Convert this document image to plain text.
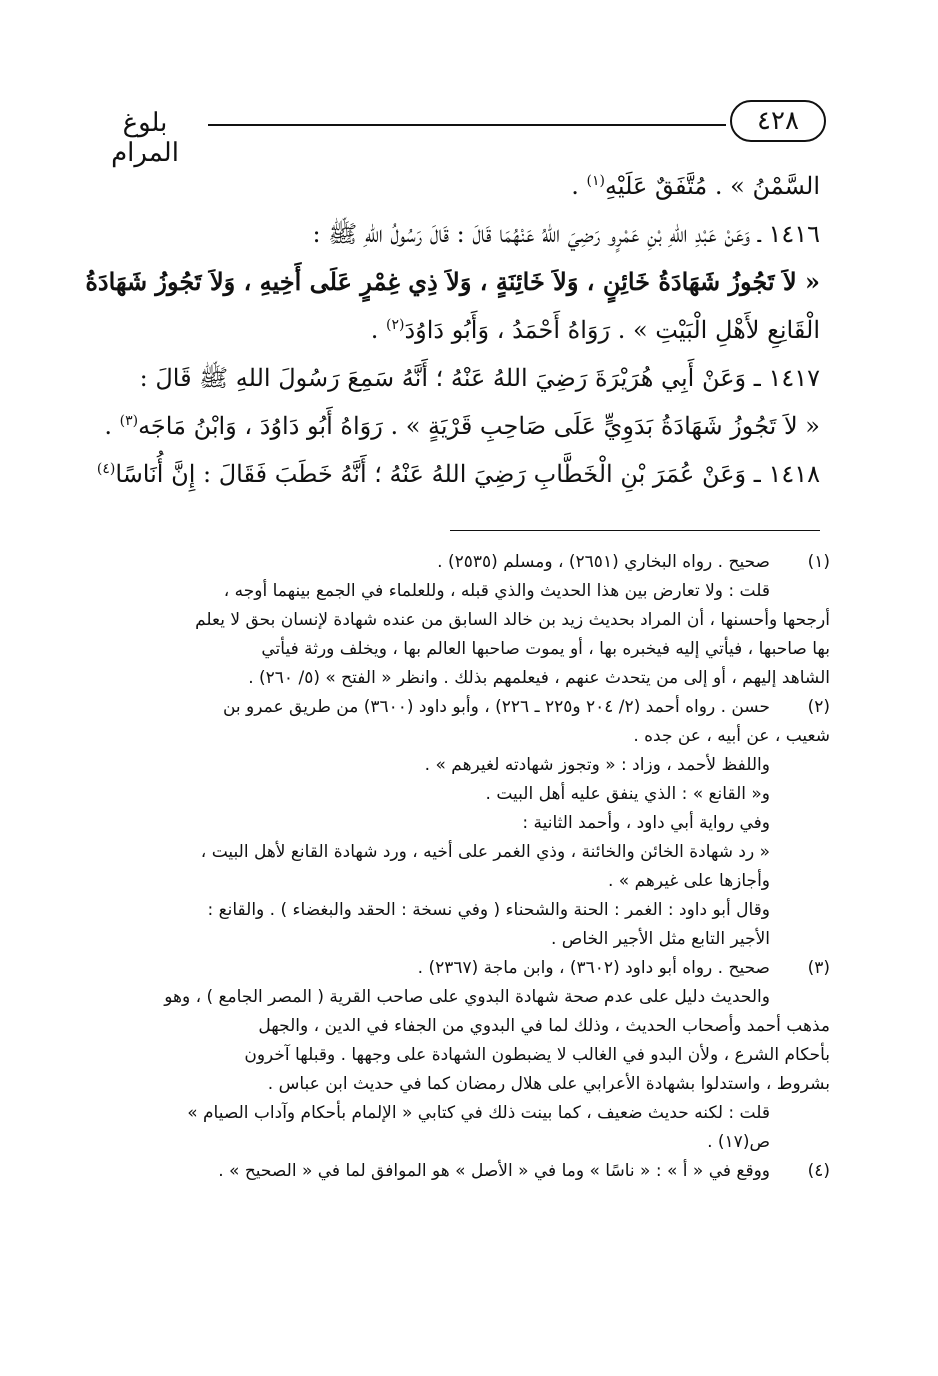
بلوغ المرام
٤٢٨
السَّمْنُ » . مُتَّفَقٌ عَلَيْهِ$^{(١)}$ .
١٤١٦ ـ وَعَنْ عَبْدِ اللهِ بْنِ عَمْرٍو رَضِيَ اللهُ عَنْهُمَا قَالَ : قَالَ رَسُولُ اللهِ ﷺ :
« لاَ تَجُوزُ شَهَادَةُ خَائِنٍ ، وَلاَ خَائِنَةٍ ، وَلاَ ذِي غِمْرٍ عَلَى أَخِيهِ ، وَلاَ تَجُوزُ شَهَادَةُ
الْقَانِعِ لأَهْلِ الْبَيْتِ » . رَوَاهُ أَحْمَدُ ، وَأَبُو دَاوُدَ$^{(٢)}$ .
١٤١٧ ـ وَعَنْ أَبِي هُرَيْرَةَ رَضِيَ اللهُ عَنْهُ ؛ أَنَّهُ سَمِعَ رَسُولَ اللهِ ﷺ قَالَ :
« لاَ تَجُوزُ شَهَادَةُ بَدَوِيٍّ عَلَى صَاحِبِ قَرْيَةٍ » . رَوَاهُ أَبُو دَاوُدَ ، وَابْنُ مَاجَه$^{(٣)}$ .
١٤١٨ ـ وَعَنْ عُمَرَ بْنِ الْخَطَّابِ رَضِيَ اللهُ عَنْهُ ؛ أَنَّهُ خَطَبَ فَقَالَ : إِنَّ أُنَاسًا$^{(٤)}$
(١)
صحيح . رواه البخاري (٢٦٥١) ، ومسلم (٢٥٣٥) .
قلت : ولا تعارض بين هذا الحديث والذي قبله ، وللعلماء في الجمع بينهما أوجه ،
أرجحها وأحسنها ، أن المراد بحديث زيد بن خالد السابق من عنده شهادة لإنسان بحق لا يعلم
بها صاحبها ، فيأتي إليه فيخبره بها ، أو يموت صاحبها العالم بها ، ويخلف ورثة فيأتي
الشاهد إليهم ، أو إلى من يتحدث عنهم ، فيعلمهم بذلك . وانظر « الفتح » (٥/ ٢٦٠) .
(٢)
حسن . رواه أحمد (٢/ ٢٠٤ و٢٢٥ ـ ٢٢٦) ، وأبو داود (٣٦٠٠) من طريق عمرو بن
شعيب ، عن أبيه ، عن جده .
واللفظ لأحمد ، وزاد : « وتجوز شهادته لغيرهم » .
و« القانع » : الذي ينفق عليه أهل البيت .
وفي رواية أبي داود ، وأحمد الثانية :
« رد شهادة الخائن والخائنة ، وذي الغمر على أخيه ، ورد شهادة القانع لأهل البيت ،
وأجازها على غيرهم » .
وقال أبو داود : الغمر : الحنة والشحناء ( وفي نسخة : الحقد والبغضاء ) . والقانع :
الأجير التابع مثل الأجير الخاص .
(٣)
صحيح . رواه أبو داود (٣٦٠٢) ، وابن ماجة (٢٣٦٧) .
والحديث دليل على عدم صحة شهادة البدوي على صاحب القرية ( المصر الجامع ) ، وهو
مذهب أحمد وأصحاب الحديث ، وذلك لما في البدوي من الجفاء في الدين ، والجهل
بأحكام الشرع ، ولأن البدو في الغالب لا يضبطون الشهادة على وجهها . وقبلها آخرون
بشروط ، واستدلوا بشهادة الأعرابي على هلال رمضان كما في حديث ابن عباس .
قلت : لكنه حديث ضعيف ، كما بينت ذلك في كتابي « الإلمام بأحكام وآداب الصيام »
ص(١٧) .
(٤)
ووقع في « أ » : « ناسًا » وما في « الأصل » هو الموافق لما في « الصحيح » .
